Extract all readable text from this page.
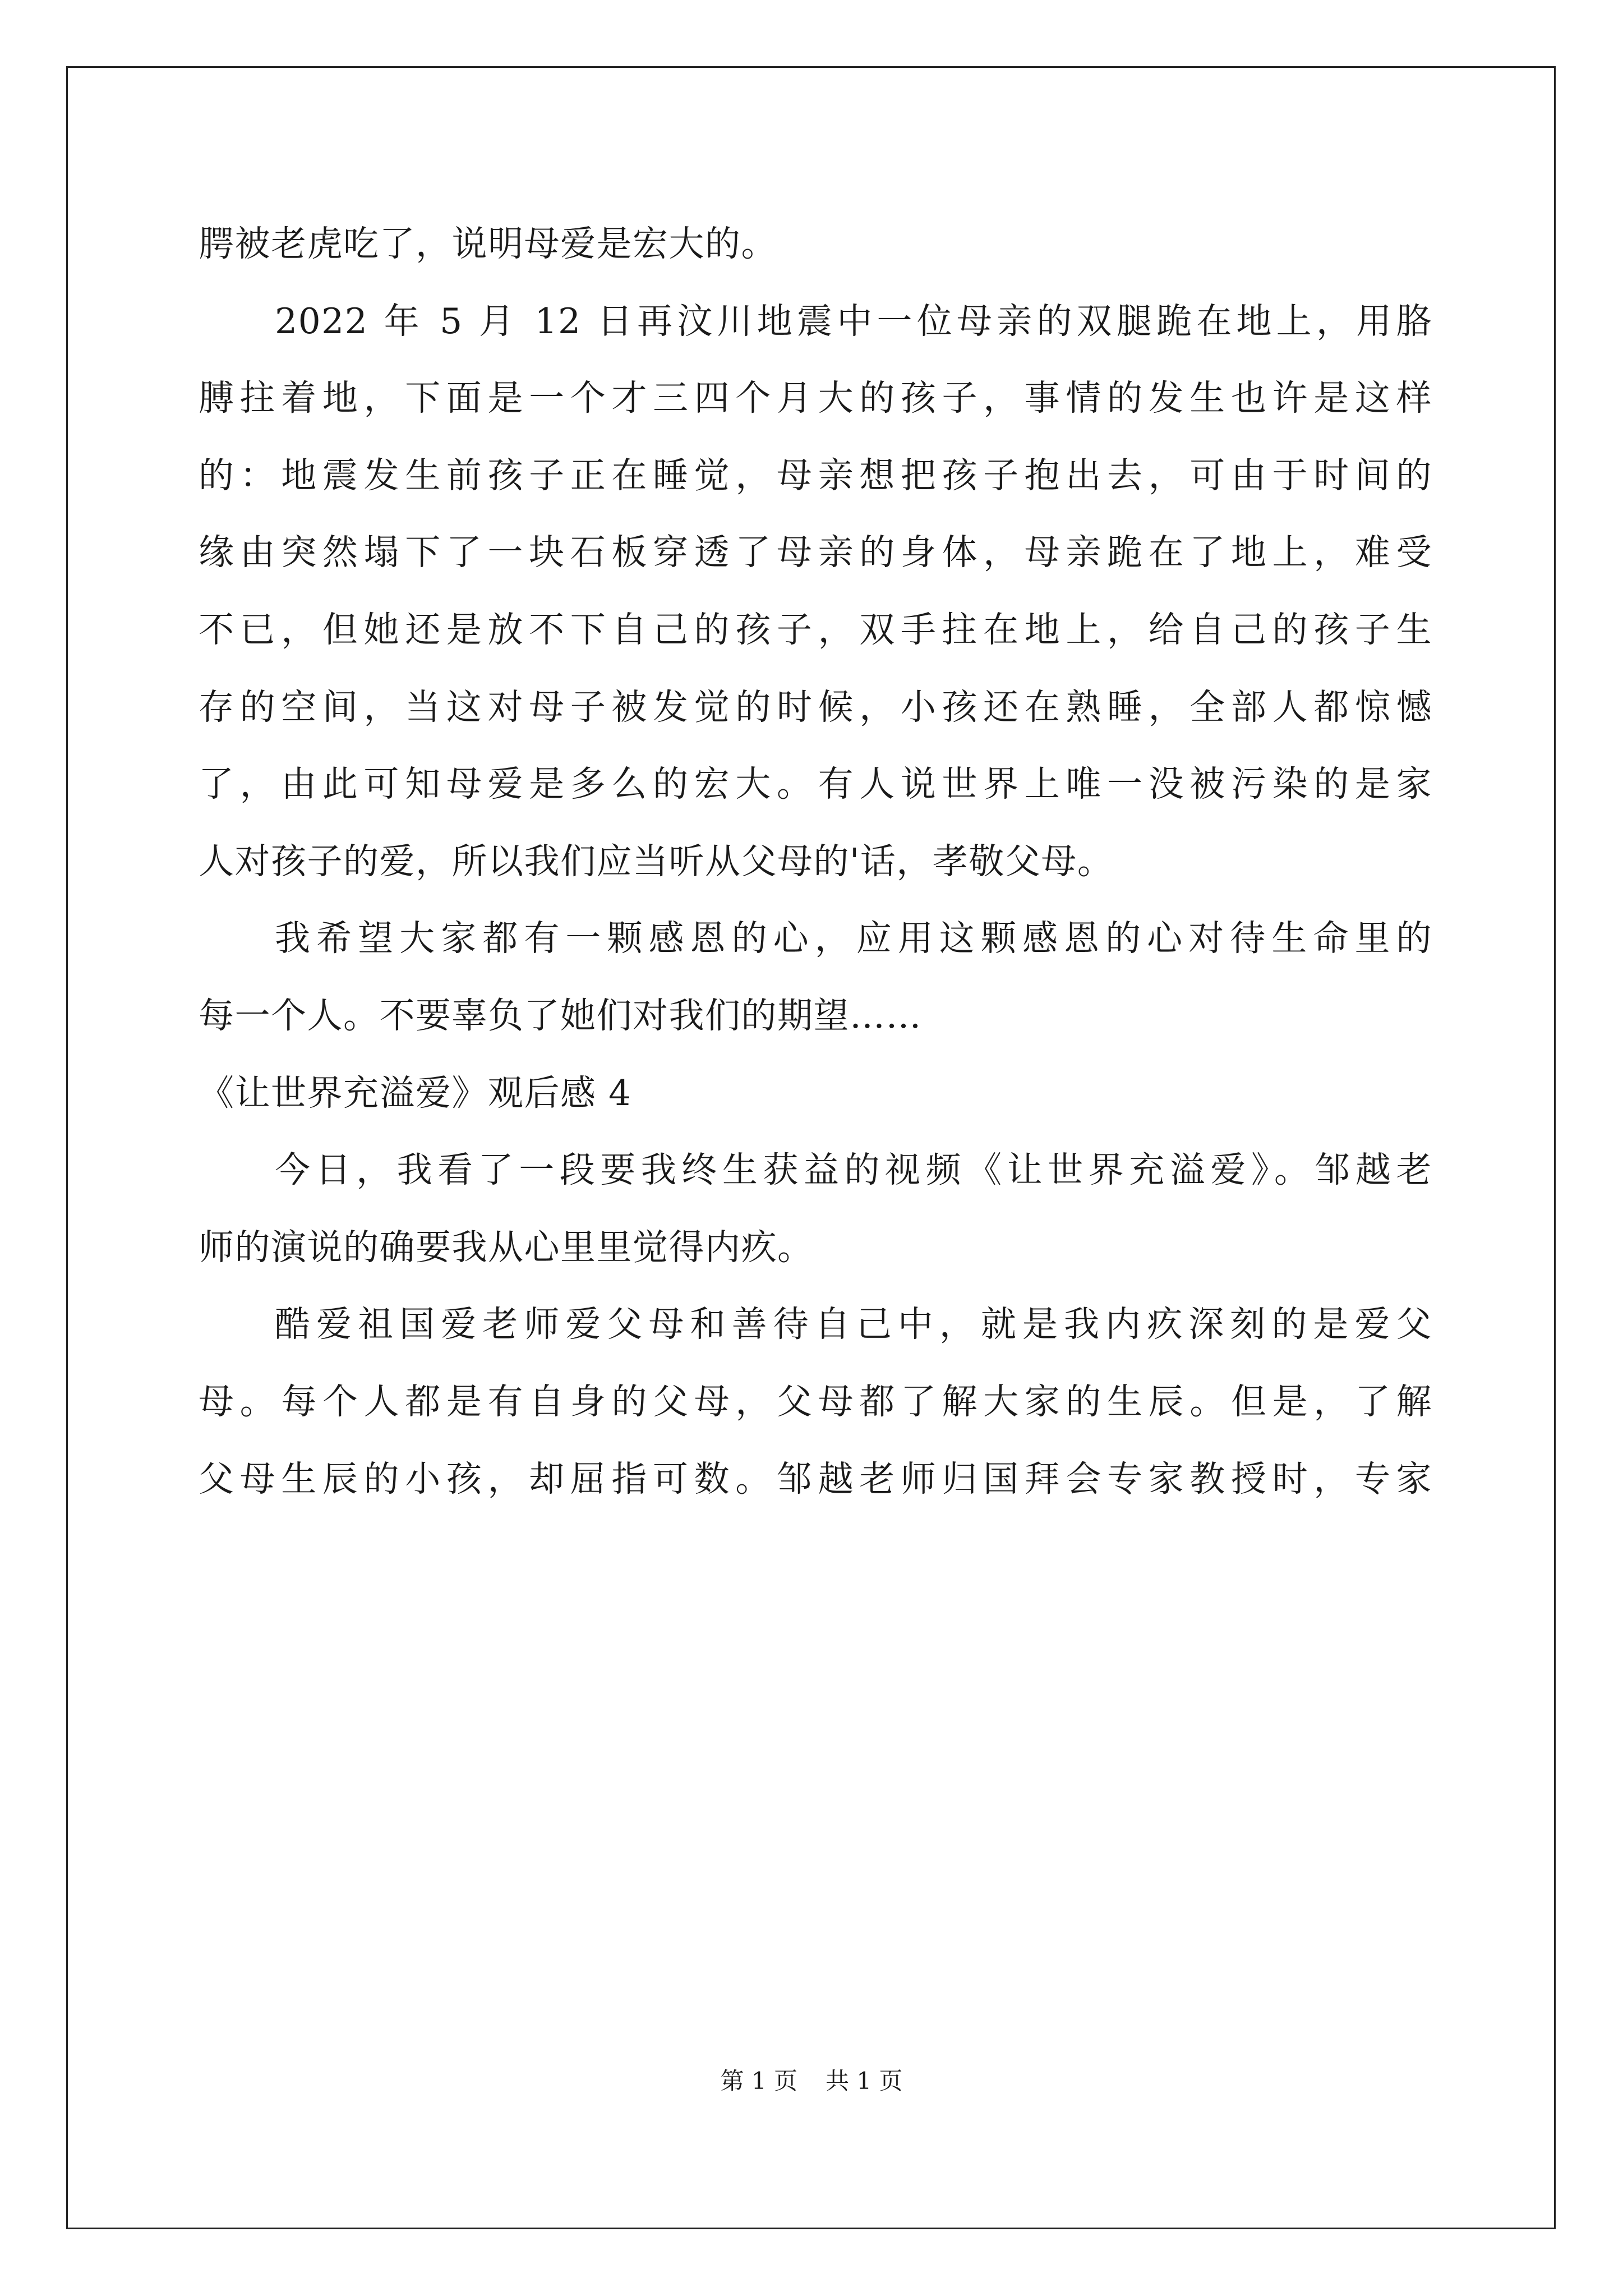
腭被老虎吃了，说明母爱是宏大的。
2022 年 5 月 12 日再汶川地震中一位母亲的双腿跪在地上，用胳
膊拄着地，下面是一个才三四个月大的孩子，事情的发生也许是这样
的：地震发生前孩子正在睡觉，母亲想把孩子抱出去，可由于时间的
缘由突然塌下了一块石板穿透了母亲的身体，母亲跪在了地上，难受
不已，但她还是放不下自己的孩子，双手拄在地上，给自己的孩子生
存的空间，当这对母子被发觉的时候，小孩还在熟睡，全部人都惊憾
了，由此可知母爱是多么的宏大。有人说世界上唯一没被污染的是家
人对孩子的爱，所以我们应当听从父母的'话，孝敬父母。
我希望大家都有一颗感恩的心，应用这颗感恩的心对待生命里的
每一个人。不要辜负了她们对我们的期望……
《让世界充溢爱》观后感 4
今日，我看了一段要我终生获益的视频《让世界充溢爱》。邹越老
师的演说的确要我从心里里觉得内疚。
酷爱祖国爱老师爱父母和善待自己中，就是我内疚深刻的是爱父
母。每个人都是有自身的父母，父母都了解大家的生辰。但是，了解
父母生辰的小孩，却屈指可数。邹越老师归国拜会专家教授时，专家
第 1 页 共 1 页
